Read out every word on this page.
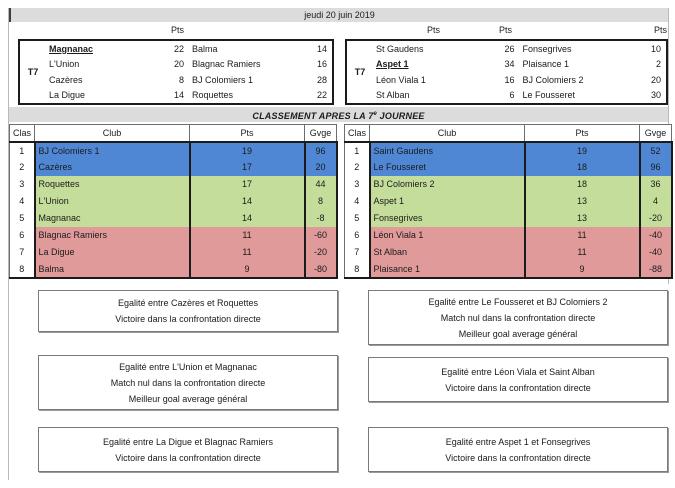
jeudi 20 juin 2019
Pts	Pts	Pts	Pts
T7
Magnanac	22 Balma	14
L'Union	20 Blagnac Ramiers	16
Cazères	8 BJ Colomiers 1	28
La Digue	14 Roquettes	22
T7
St Gaudens	26 Fonsegrives	10
Aspet 1	34 Plaisance 1	2
Léon Viala 1	16 BJ Colomiers 2	20
St Alban	6 Le Fousseret	30
CLASSEMENT APRES LA 7e JOURNEE
Clas	Club	Pts	Gvge
1	BJ Colomiers 1	19	96
2	Cazères	17	20
3	Roquettes	17	44
4	L'Union	14	8
5	Magnanac	14	-8
6	Blagnac Ramiers	11	-60
7	La Digue	11	-20
8	Balma	9	-80
Clas	Club	Pts	Gvge
1	Saint Gaudens	19	52
2	Le Fousseret	18	96
3	BJ Colomiers 2	18	36
4	Aspet 1	13	4
5	Fonsegrives	13	-20
6	Léon Viala 1	11	-40
7	St Alban	11	-40
8	Plaisance 1	9	-88
Egalité entre Cazères et Roquettes
Victoire dans la confrontation directe
Egalité entre L'Union et Magnanac
Match nul dans la confrontation directe
Meilleur goal average général
Egalité entre La Digue et Blagnac Ramiers
Victoire dans la confrontation directe
Egalité entre Le Fousseret et BJ Colomiers 2
Match nul dans la confrontation directe
Meilleur goal average général
Egalité entre Léon Viala et Saint Alban
Victoire dans la confrontation directe
Egalité entre Aspet 1 et Fonsegrives
Victoire dans la confrontation directe
